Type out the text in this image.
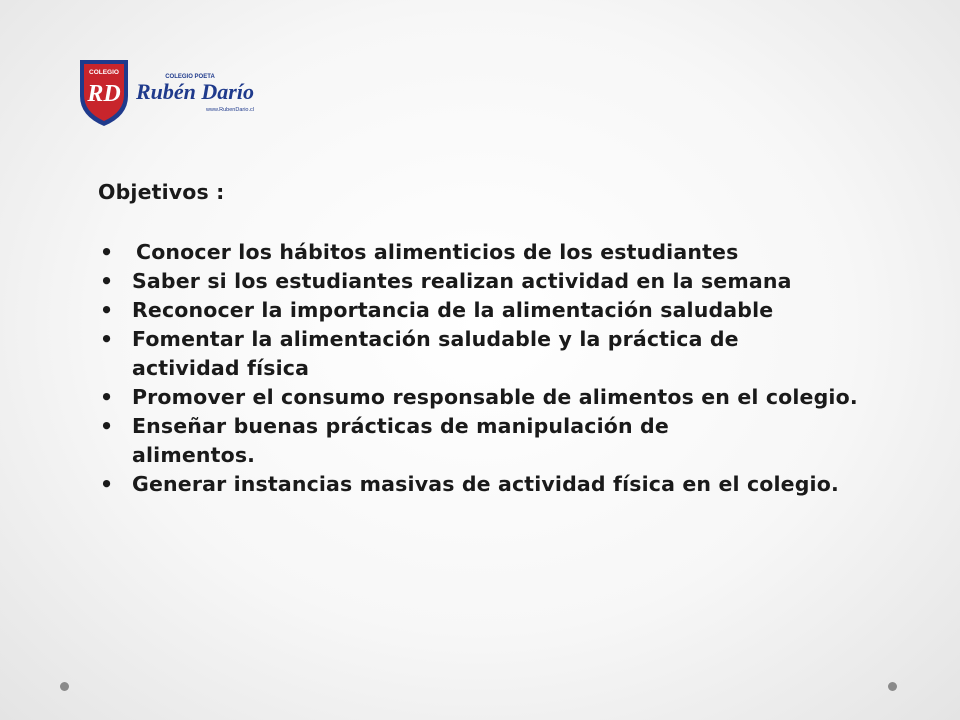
COLEGIO
RD
COLEGIO POETA
Rubén Darío
www.RubenDario.cl
Objetivos :
• Conocer los hábitos alimenticios de los estudiantes
• Saber si los estudiantes realizan actividad en la semana
• Reconocer la importancia de la alimentación saludable
• Fomentar la alimentación saludable y la práctica de actividad física
• Promover el consumo responsable de alimentos en el colegio.
• Enseñar buenas prácticas de manipulación de alimentos.
• Generar instancias masivas de actividad física en el colegio.
